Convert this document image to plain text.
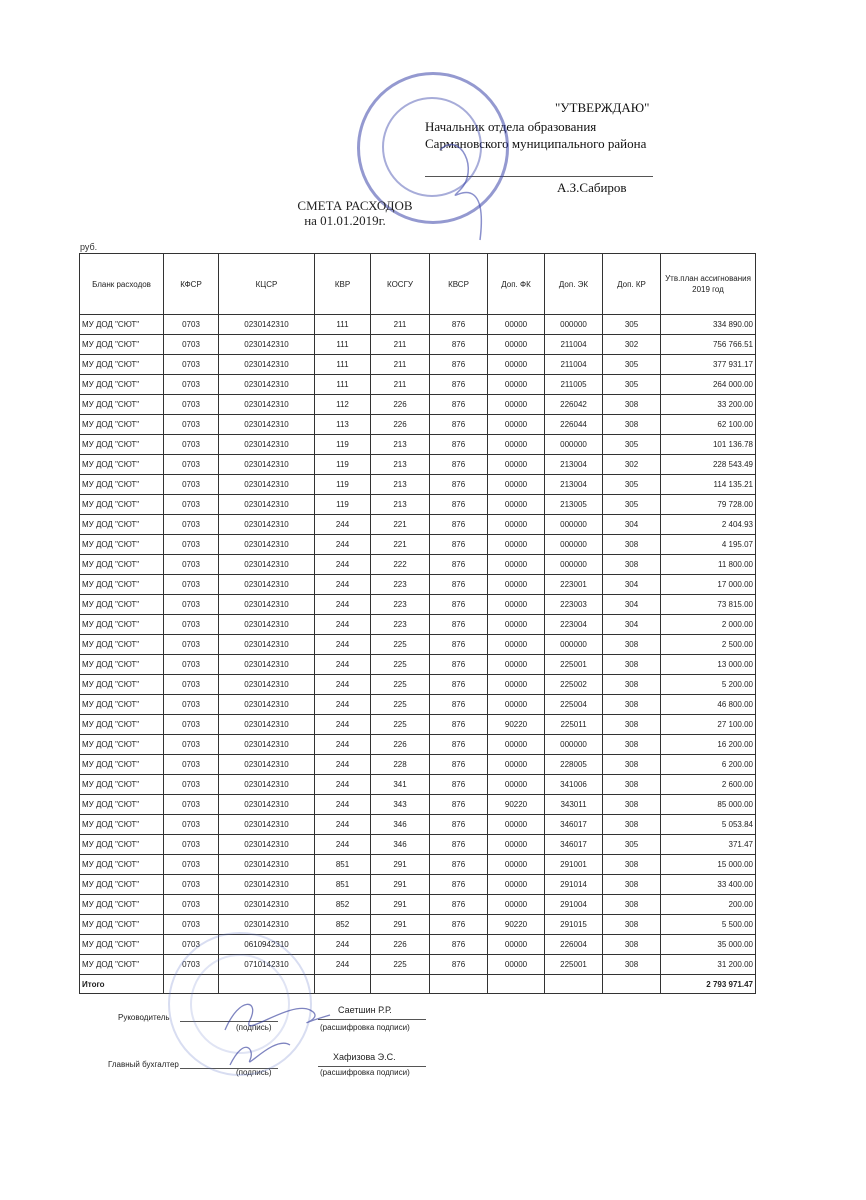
"УТВЕРЖДАЮ"
Начальник отдела образования
Сармановского муниципального района
А.З.Сабиров
СМЕТА РАСХОДОВ
на 01.01.2019г.
руб.
Бланк расходов	КФСР	КЦСР	КВР	КОСГУ	КВСР	Доп. ФК	Доп. ЭК	Доп. КР	Утв.план ассигнования 2019 год
МУ ДОД "СЮТ"	0703	0230142310	111	211	876	00000	000000	305	334 890.00
МУ ДОД "СЮТ"	0703	0230142310	111	211	876	00000	211004	302	756 766.51
МУ ДОД "СЮТ"	0703	0230142310	111	211	876	00000	211004	305	377 931.17
МУ ДОД "СЮТ"	0703	0230142310	111	211	876	00000	211005	305	264 000.00
МУ ДОД "СЮТ"	0703	0230142310	112	226	876	00000	226042	308	33 200.00
МУ ДОД "СЮТ"	0703	0230142310	113	226	876	00000	226044	308	62 100.00
МУ ДОД "СЮТ"	0703	0230142310	119	213	876	00000	000000	305	101 136.78
МУ ДОД "СЮТ"	0703	0230142310	119	213	876	00000	213004	302	228 543.49
МУ ДОД "СЮТ"	0703	0230142310	119	213	876	00000	213004	305	114 135.21
МУ ДОД "СЮТ"	0703	0230142310	119	213	876	00000	213005	305	79 728.00
МУ ДОД "СЮТ"	0703	0230142310	244	221	876	00000	000000	304	2 404.93
МУ ДОД "СЮТ"	0703	0230142310	244	221	876	00000	000000	308	4 195.07
МУ ДОД "СЮТ"	0703	0230142310	244	222	876	00000	000000	308	11 800.00
МУ ДОД "СЮТ"	0703	0230142310	244	223	876	00000	223001	304	17 000.00
МУ ДОД "СЮТ"	0703	0230142310	244	223	876	00000	223003	304	73 815.00
МУ ДОД "СЮТ"	0703	0230142310	244	223	876	00000	223004	304	2 000.00
МУ ДОД "СЮТ"	0703	0230142310	244	225	876	00000	000000	308	2 500.00
МУ ДОД "СЮТ"	0703	0230142310	244	225	876	00000	225001	308	13 000.00
МУ ДОД "СЮТ"	0703	0230142310	244	225	876	00000	225002	308	5 200.00
МУ ДОД "СЮТ"	0703	0230142310	244	225	876	00000	225004	308	46 800.00
МУ ДОД "СЮТ"	0703	0230142310	244	225	876	90220	225011	308	27 100.00
МУ ДОД "СЮТ"	0703	0230142310	244	226	876	00000	000000	308	16 200.00
МУ ДОД "СЮТ"	0703	0230142310	244	228	876	00000	228005	308	6 200.00
МУ ДОД "СЮТ"	0703	0230142310	244	341	876	00000	341006	308	2 600.00
МУ ДОД "СЮТ"	0703	0230142310	244	343	876	90220	343011	308	85 000.00
МУ ДОД "СЮТ"	0703	0230142310	244	346	876	00000	346017	308	5 053.84
МУ ДОД "СЮТ"	0703	0230142310	244	346	876	00000	346017	305	371.47
МУ ДОД "СЮТ"	0703	0230142310	851	291	876	00000	291001	308	15 000.00
МУ ДОД "СЮТ"	0703	0230142310	851	291	876	00000	291014	308	33 400.00
МУ ДОД "СЮТ"	0703	0230142310	852	291	876	00000	291004	308	200.00
МУ ДОД "СЮТ"	0703	0230142310	852	291	876	90220	291015	308	5 500.00
МУ ДОД "СЮТ"	0703	0610942310	244	226	876	00000	226004	308	35 000.00
МУ ДОД "СЮТ"	0703	0710142310	244	225	876	00000	225001	308	31 200.00
Итого									2 793 971.47
Руководитель
Саетшин Р.Р.
(подпись)	(расшифровка подписи)
Главный бухгалтер
Хафизова Э.С.
(подпись)	(расшифровка подписи)
